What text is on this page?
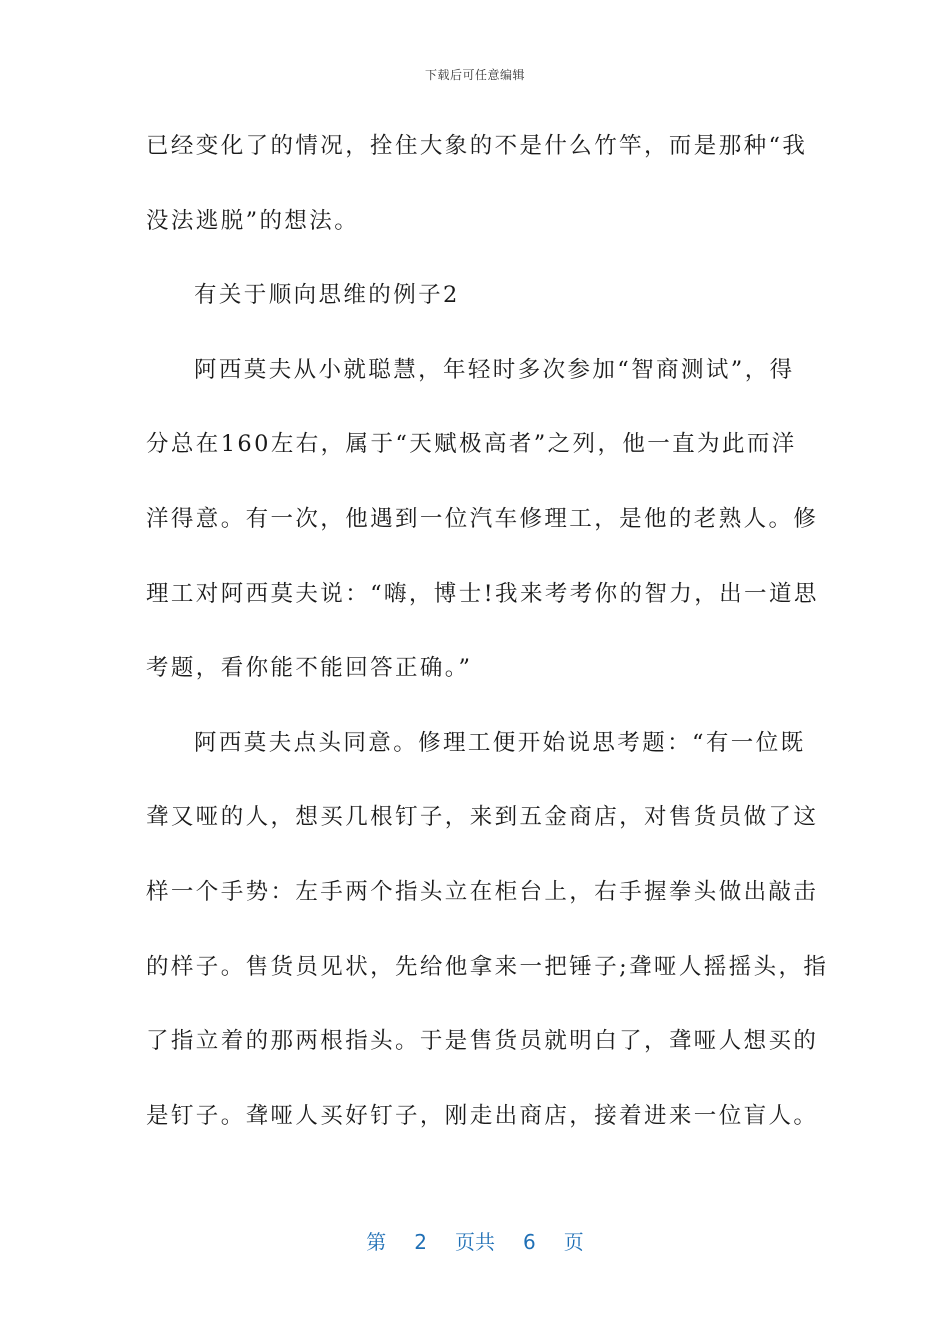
下载后可任意编辑
已经变化了的情况，拴住大象的不是什么竹竿，而是那种“我
没法逃脱”的想法。
有关于顺向思维的例子2
阿西莫夫从小就聪慧，年轻时多次参加“智商测试”，得
分总在160左右，属于“天赋极高者”之列，他一直为此而洋
洋得意。有一次，他遇到一位汽车修理工，是他的老熟人。修
理工对阿西莫夫说：“嗨，博士!我来考考你的智力，出一道思
考题，看你能不能回答正确。”
阿西莫夫点头同意。修理工便开始说思考题：“有一位既
聋又哑的人，想买几根钉子，来到五金商店，对售货员做了这
样一个手势：左手两个指头立在柜台上，右手握拳头做出敲击
的样子。售货员见状，先给他拿来一把锤子;聋哑人摇摇头，指
了指立着的那两根指头。于是售货员就明白了，聋哑人想买的
是钉子。聋哑人买好钉子，刚走出商店，接着进来一位盲人。
第 2 页共 6 页
